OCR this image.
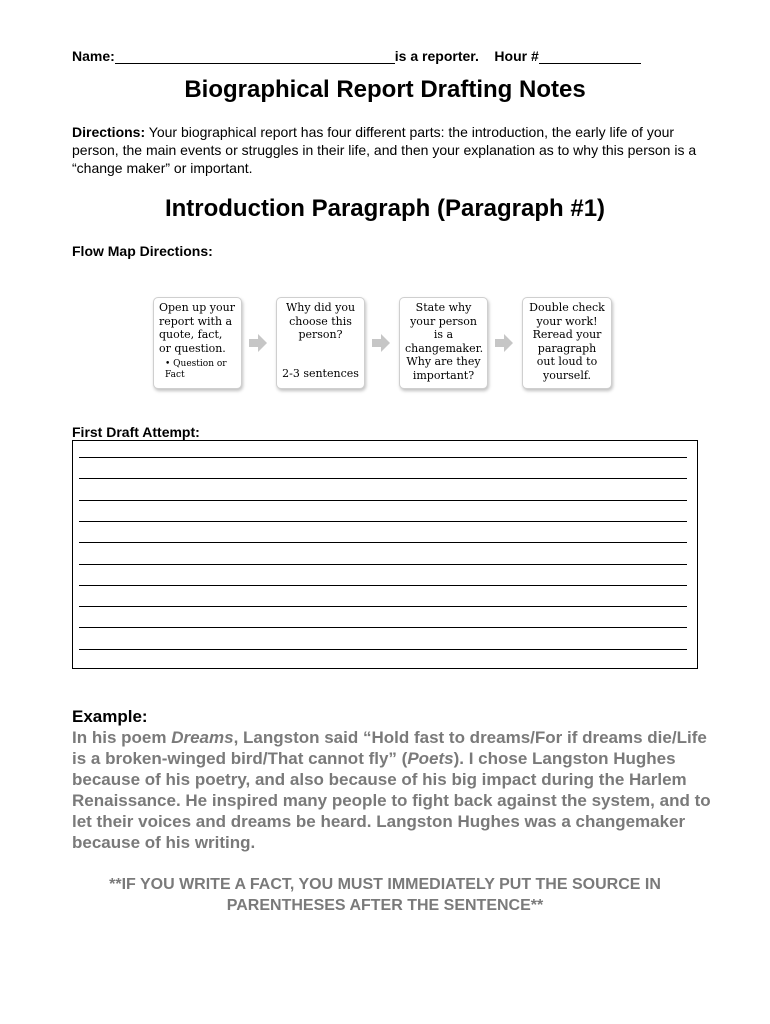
Name:	is a reporter. Hour #
Biographical Report Drafting Notes
Directions: Your biographical report has four different parts: the introduction, the early life of your person, the main events or struggles in their life, and then your explanation as to why this person is a “change maker” or important.
Introduction Paragraph (Paragraph #1)
Flow Map Directions:
Open up your report with a quote, fact, or question.
• Question or Fact
Why did you choose this person?
2-3 sentences
State why your person is a changemaker. Why are they important?
Double check your work! Reread your paragraph out loud to yourself.
First Draft Attempt:
Example:
In his poem Dreams, Langston said “Hold fast to dreams/For if dreams die/Life is a broken-winged bird/That cannot fly” (Poets). I chose Langston Hughes because of his poetry, and also because of his big impact during the Harlem Renaissance. He inspired many people to fight back against the system, and to let their voices and dreams be heard. Langston Hughes was a changemaker because of his writing.
**IF YOU WRITE A FACT, YOU MUST IMMEDIATELY PUT THE SOURCE IN PARENTHESES AFTER THE SENTENCE**
